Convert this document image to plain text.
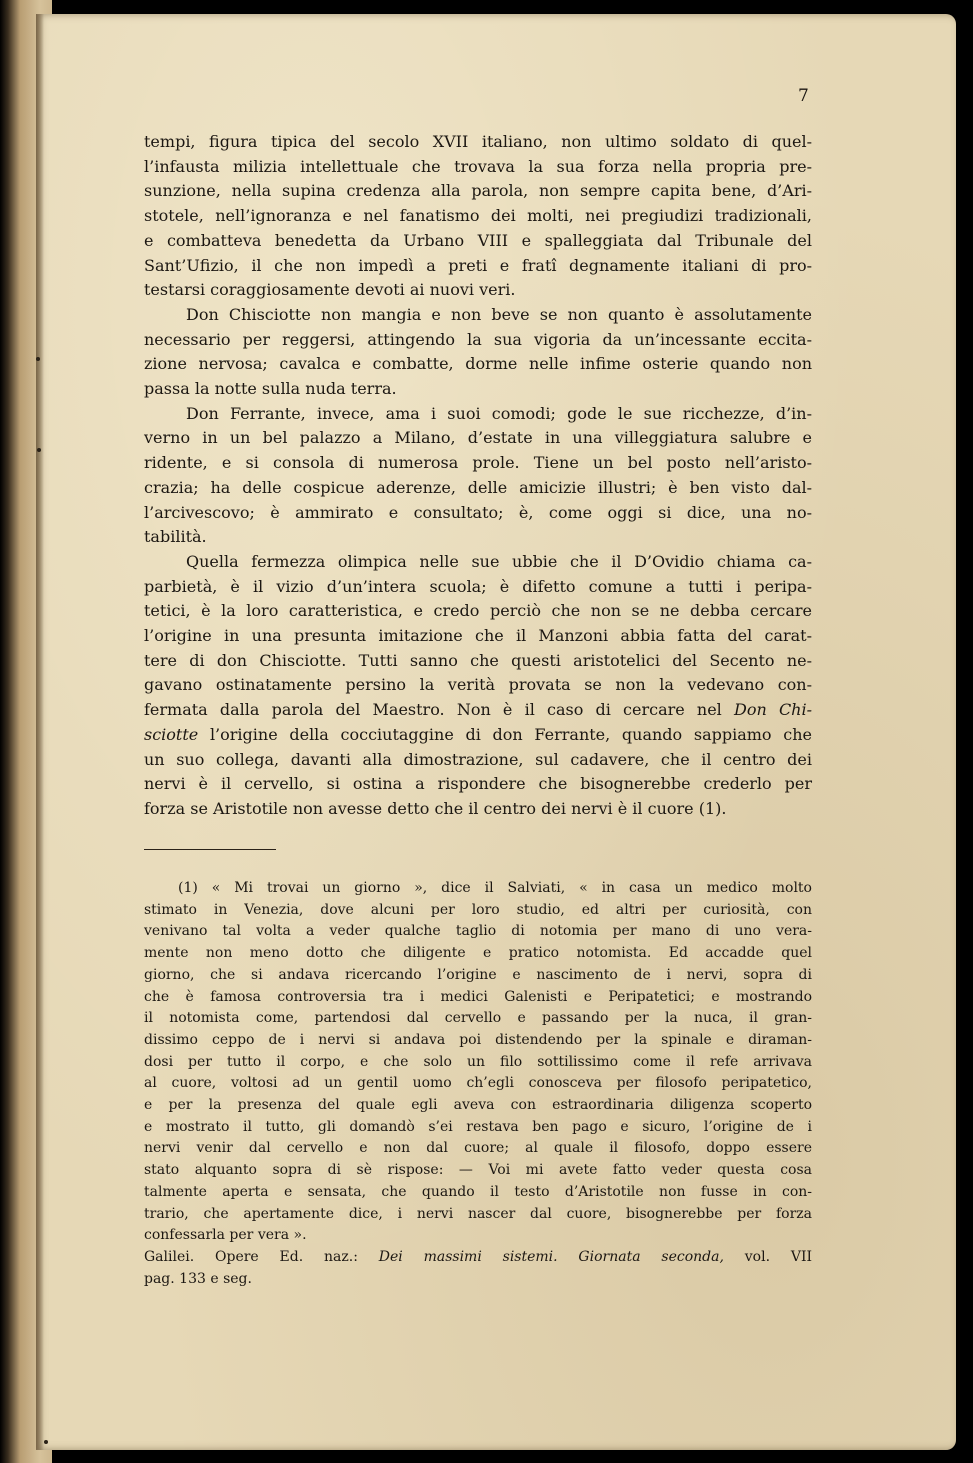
7
tempi, figura tipica del secolo XVII italiano, non ultimo soldato di quel-
l’infausta milizia intellettuale che trovava la sua forza nella propria pre-
sunzione, nella supina credenza alla parola, non sempre capita bene, d’Ari-
stotele, nell’ignoranza e nel fanatismo dei molti, nei pregiudizi tradizionali,
e combatteva benedetta da Urbano VIII e spalleggiata dal Tribunale del
Sant’Ufizio, il che non impedì a preti e fratî degnamente italiani di pro-
testarsi coraggiosamente devoti ai nuovi veri.
Don Chisciotte non mangia e non beve se non quanto è assolutamente
necessario per reggersi, attingendo la sua vigoria da un’incessante eccita-
zione nervosa; cavalca e combatte, dorme nelle infime osterie quando non
passa la notte sulla nuda terra.
Don Ferrante, invece, ama i suoi comodi; gode le sue ricchezze, d’in-
verno in un bel palazzo a Milano, d’estate in una villeggiatura salubre e
ridente, e si consola di numerosa prole. Tiene un bel posto nell’aristo-
crazia; ha delle cospicue aderenze, delle amicizie illustri; è ben visto dal-
l’arcivescovo; è ammirato e consultato; è, come oggi si dice, una no-
tabilità.
Quella fermezza olimpica nelle sue ubbie che il D’Ovidio chiama ca-
parbietà, è il vizio d’un’intera scuola; è difetto comune a tutti i peripa-
tetici, è la loro caratteristica, e credo perciò che non se ne debba cercare
l’origine in una presunta imitazione che il Manzoni abbia fatta del carat-
tere di don Chisciotte. Tutti sanno che questi aristotelici del Secento ne-
gavano ostinatamente persino la verità provata se non la vedevano con-
fermata dalla parola del Maestro. Non è il caso di cercare nel Don Chi-
sciotte l’origine della cocciutaggine di don Ferrante, quando sappiamo che
un suo collega, davanti alla dimostrazione, sul cadavere, che il centro dei
nervi è il cervello, si ostina a rispondere che bisognerebbe crederlo per
forza se Aristotile non avesse detto che il centro dei nervi è il cuore (1).
(1) « Mi trovai un giorno », dice il Salviati, « in casa un medico molto
stimato in Venezia, dove alcuni per loro studio, ed altri per curiosità, con
venivano tal volta a veder qualche taglio di notomia per mano di uno vera-
mente non meno dotto che diligente e pratico notomista. Ed accadde quel
giorno, che si andava ricercando l’origine e nascimento de i nervi, sopra di
che è famosa controversia tra i medici Galenisti e Peripatetici; e mostrando
il notomista come, partendosi dal cervello e passando per la nuca, il gran-
dissimo ceppo de i nervi si andava poi distendendo per la spinale e diraman-
dosi per tutto il corpo, e che solo un filo sottilissimo come il refe arrivava
al cuore, voltosi ad un gentil uomo ch’egli conosceva per filosofo peripatetico,
e per la presenza del quale egli aveva con estraordinaria diligenza scoperto
e mostrato il tutto, gli domandò s’ei restava ben pago e sicuro, l’origine de i
nervi venir dal cervello e non dal cuore; al quale il filosofo, doppo essere
stato alquanto sopra di sè rispose: — Voi mi avete fatto veder questa cosa
talmente aperta e sensata, che quando il testo d’Aristotile non fusse in con-
trario, che apertamente dice, i nervi nascer dal cuore, bisognerebbe per forza
confessarla per vera ».
Galilei. Opere Ed. naz.: Dei massimi sistemi. Giornata seconda, vol. VII
pag. 133 e seg.
